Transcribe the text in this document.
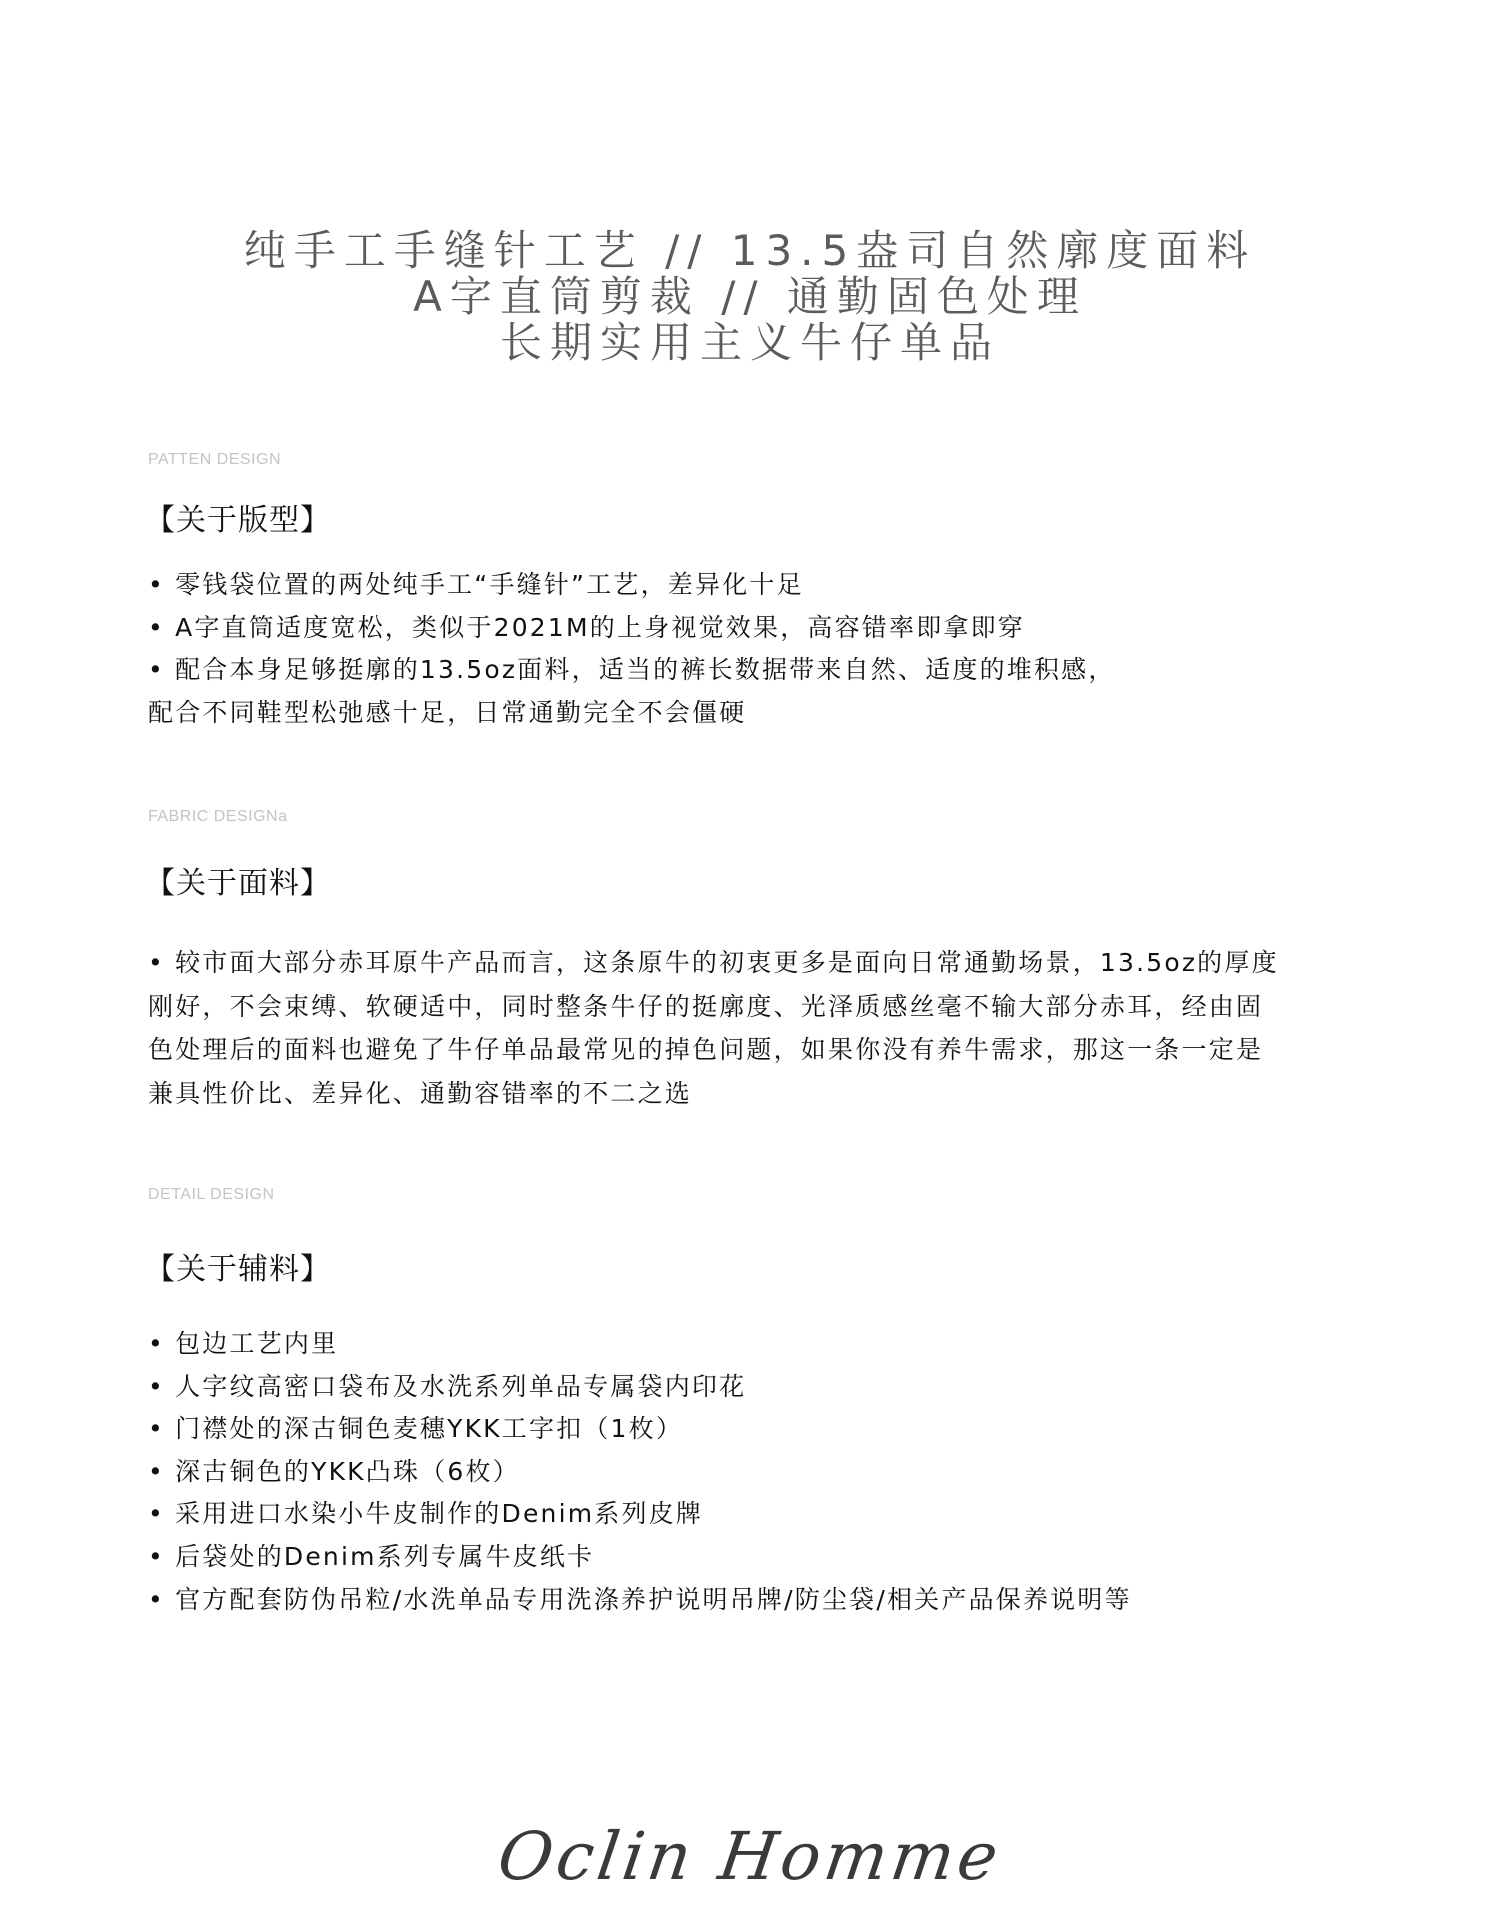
纯手工手缝针工艺 // 13.5盎司自然廓度面料
A字直筒剪裁 // 通勤固色处理
长期实用主义牛仔单品
PATTEN DESIGN
【关于版型】
• 零钱袋位置的两处纯手工“手缝针”工艺，差异化十足
• A字直筒适度宽松，类似于2021M的上身视觉效果，高容错率即拿即穿
• 配合本身足够挺廓的13.5oz面料，适当的裤长数据带来自然、适度的堆积感，
配合不同鞋型松弛感十足，日常通勤完全不会僵硬
FABRIC DESIGNa
【关于面料】
• 较市面大部分赤耳原牛产品而言，这条原牛的初衷更多是面向日常通勤场景，13.5oz的厚度
刚好，不会束缚、软硬适中，同时整条牛仔的挺廓度、光泽质感丝毫不输大部分赤耳，经由固
色处理后的面料也避免了牛仔单品最常见的掉色问题，如果你没有养牛需求，那这一条一定是
兼具性价比、差异化、通勤容错率的不二之选
DETAIL DESIGN
【关于辅料】
• 包边工艺内里
• 人字纹高密口袋布及水洗系列单品专属袋内印花
• 门襟处的深古铜色麦穗YKK工字扣（1枚）
• 深古铜色的YKK凸珠（6枚）
• 采用进口水染小牛皮制作的Denim系列皮牌
• 后袋处的Denim系列专属牛皮纸卡
• 官方配套防伪吊粒/水洗单品专用洗涤养护说明吊牌/防尘袋/相关产品保养说明等
Oclin Homme
